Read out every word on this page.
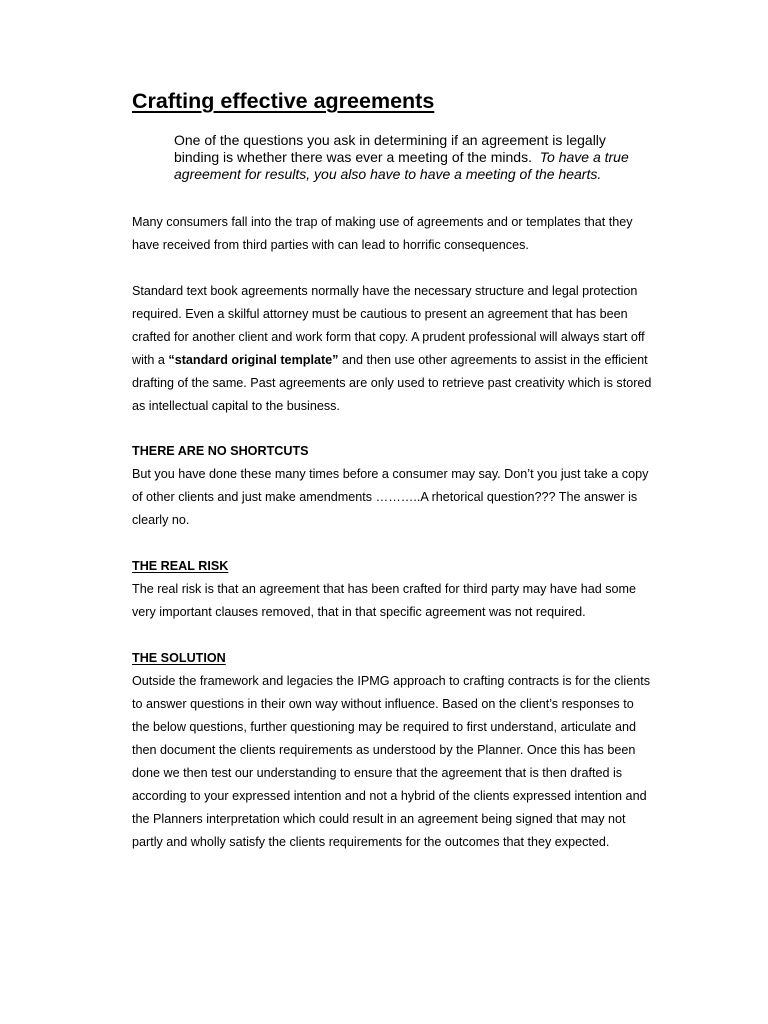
Crafting effective agreements

One of the questions you ask in determining if an agreement is legally binding is whether there was ever a meeting of the minds. To have a true agreement for results, you also have to have a meeting of the hearts.

Many consumers fall into the trap of making use of agreements and or templates that they have received from third parties with can lead to horrific consequences.

Standard text book agreements normally have the necessary structure and legal protection required. Even a skilful attorney must be cautious to present an agreement that has been crafted for another client and work form that copy. A prudent professional will always start off with a “standard original template” and then use other agreements to assist in the efficient drafting of the same. Past agreements are only used to retrieve past creativity which is stored as intellectual capital to the business.

THERE ARE NO SHORTCUTS

But you have done these many times before a consumer may say. Don’t you just take a copy of other clients and just make amendments ………..A rhetorical question??? The answer is clearly no.

THE REAL RISK

The real risk is that an agreement that has been crafted for third party may have had some very important clauses removed, that in that specific agreement was not required.

THE SOLUTION

Outside the framework and legacies the IPMG approach to crafting contracts is for the clients to answer questions in their own way without influence. Based on the client’s responses to the below questions, further questioning may be required to first understand, articulate and then document the clients requirements as understood by the Planner. Once this has been done we then test our understanding to ensure that the agreement that is then drafted is according to your expressed intention and not a hybrid of the clients expressed intention and the Planners interpretation which could result in an agreement being signed that may not partly and wholly satisfy the clients requirements for the outcomes that they expected.
